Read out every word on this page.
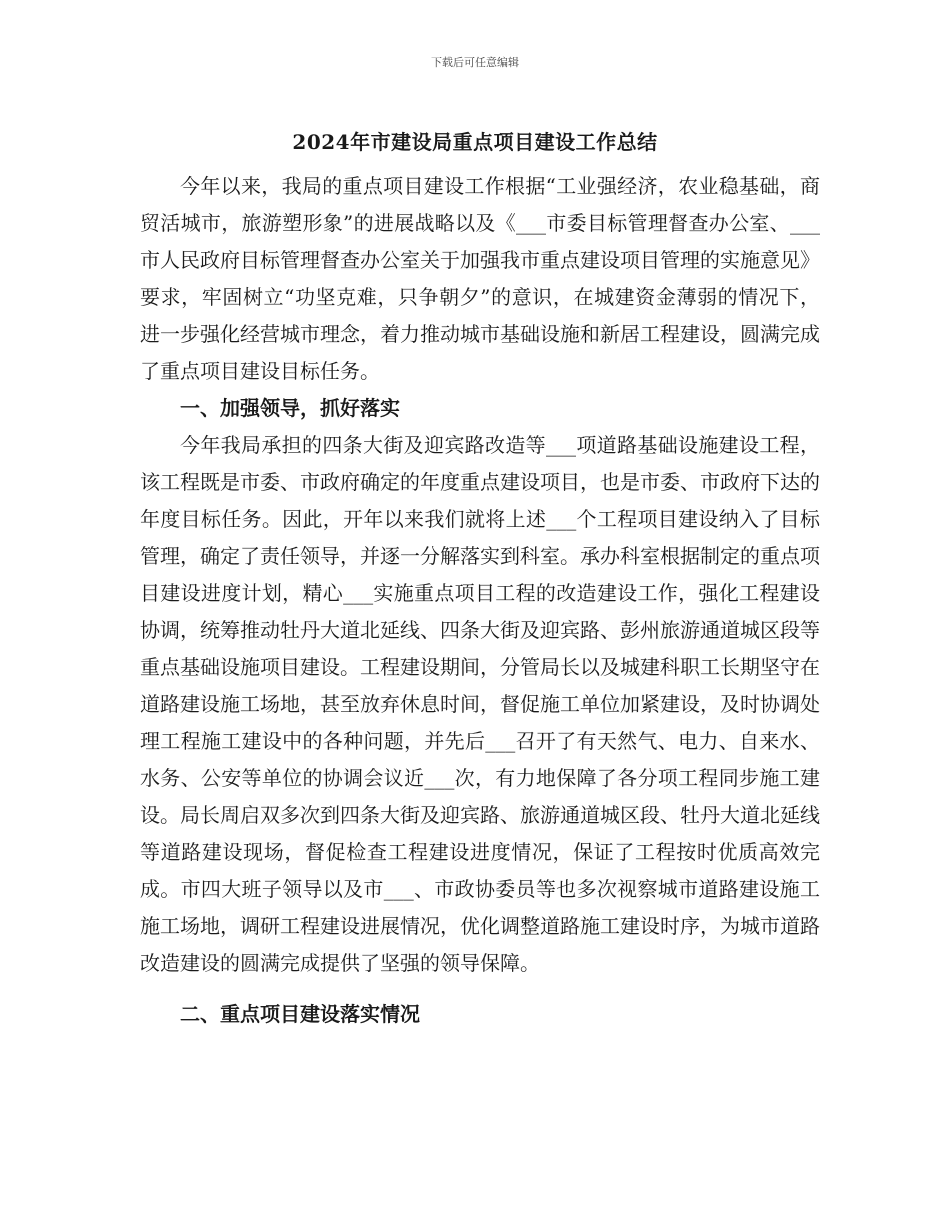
下载后可任意编辑
2024年市建设局重点项目建设工作总结

今年以来，我局的重点项目建设工作根据“工业强经济，农业稳基础，商贸活城市，旅游塑形象”的进展战略以及《___市委目标管理督查办公室、___市人民政府目标管理督查办公室关于加强我市重点建设项目管理的实施意见》要求，牢固树立“功坚克难，只争朝夕”的意识，在城建资金薄弱的情况下，进一步强化经营城市理念，着力推动城市基础设施和新居工程建设，圆满完成了重点项目建设目标任务。

一、加强领导，抓好落实

今年我局承担的四条大街及迎宾路改造等___项道路基础设施建设工程，该工程既是市委、市政府确定的年度重点建设项目，也是市委、市政府下达的年度目标任务。因此，开年以来我们就将上述___个工程项目建设纳入了目标管理，确定了责任领导，并逐一分解落实到科室。承办科室根据制定的重点项目建设进度计划，精心___实施重点项目工程的改造建设工作，强化工程建设协调，统筹推动牡丹大道北延线、四条大街及迎宾路、彭州旅游通道城区段等重点基础设施项目建设。工程建设期间，分管局长以及城建科职工长期坚守在道路建设施工场地，甚至放弃休息时间，督促施工单位加紧建设，及时协调处理工程施工建设中的各种问题，并先后___召开了有天然气、电力、自来水、水务、公安等单位的协调会议近___次，有力地保障了各分项工程同步施工建设。局长周启双多次到四条大街及迎宾路、旅游通道城区段、牡丹大道北延线等道路建设现场，督促检查工程建设进度情况，保证了工程按时优质高效完成。市四大班子领导以及市___、市政协委员等也多次视察城市道路建设施工施工场地，调研工程建设进展情况，优化调整道路施工建设时序，为城市道路改造建设的圆满完成提供了坚强的领导保障。

二、重点项目建设落实情况
